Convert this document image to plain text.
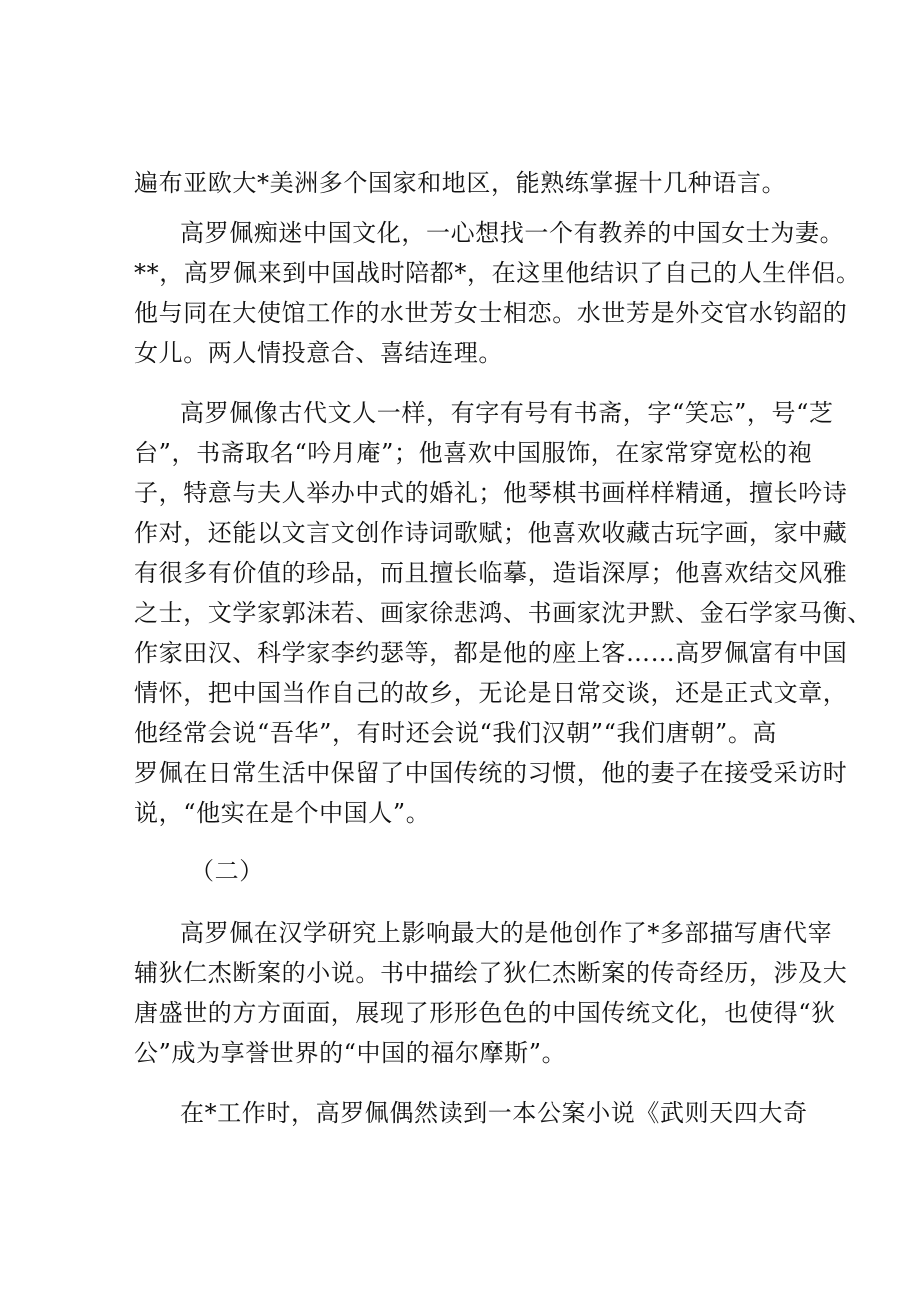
遍布亚欧大*美洲多个国家和地区，能熟练掌握十几种语言。

高罗佩痴迷中国文化，一心想找一个有教养的中国女士为妻。

**，高罗佩来到中国战时陪都*，在这里他结识了自己的人生伴侣。

他与同在大使馆工作的水世芳女士相恋。水世芳是外交官水钧韶的

女儿。两人情投意合、喜结连理。

高罗佩像古代文人一样，有字有号有书斋，字“笑忘”，号“芝

台”，书斋取名“吟月庵”；他喜欢中国服饰，在家常穿宽松的袍

子，特意与夫人举办中式的婚礼；他琴棋书画样样精通，擅长吟诗

作对，还能以文言文创作诗词歌赋；他喜欢收藏古玩字画，家中藏

有很多有价值的珍品，而且擅长临摹，造诣深厚；他喜欢结交风雅

之士，文学家郭沫若、画家徐悲鸿、书画家沈尹默、金石学家马衡、

作家田汉、科学家李约瑟等，都是他的座上客……高罗佩富有中国

情怀，把中国当作自己的故乡，无论是日常交谈，还是正式文章，

他经常会说“吾华”，有时还会说“我们汉朝”“我们唐朝”。高

罗佩在日常生活中保留了中国传统的习惯，他的妻子在接受采访时

说，“他实在是个中国人”。

（二）

高罗佩在汉学研究上影响最大的是他创作了*多部描写唐代宰

辅狄仁杰断案的小说。书中描绘了狄仁杰断案的传奇经历，涉及大

唐盛世的方方面面，展现了形形色色的中国传统文化，也使得“狄

公”成为享誉世界的“中国的福尔摩斯”。

在*工作时，高罗佩偶然读到一本公案小说《武则天四大奇
